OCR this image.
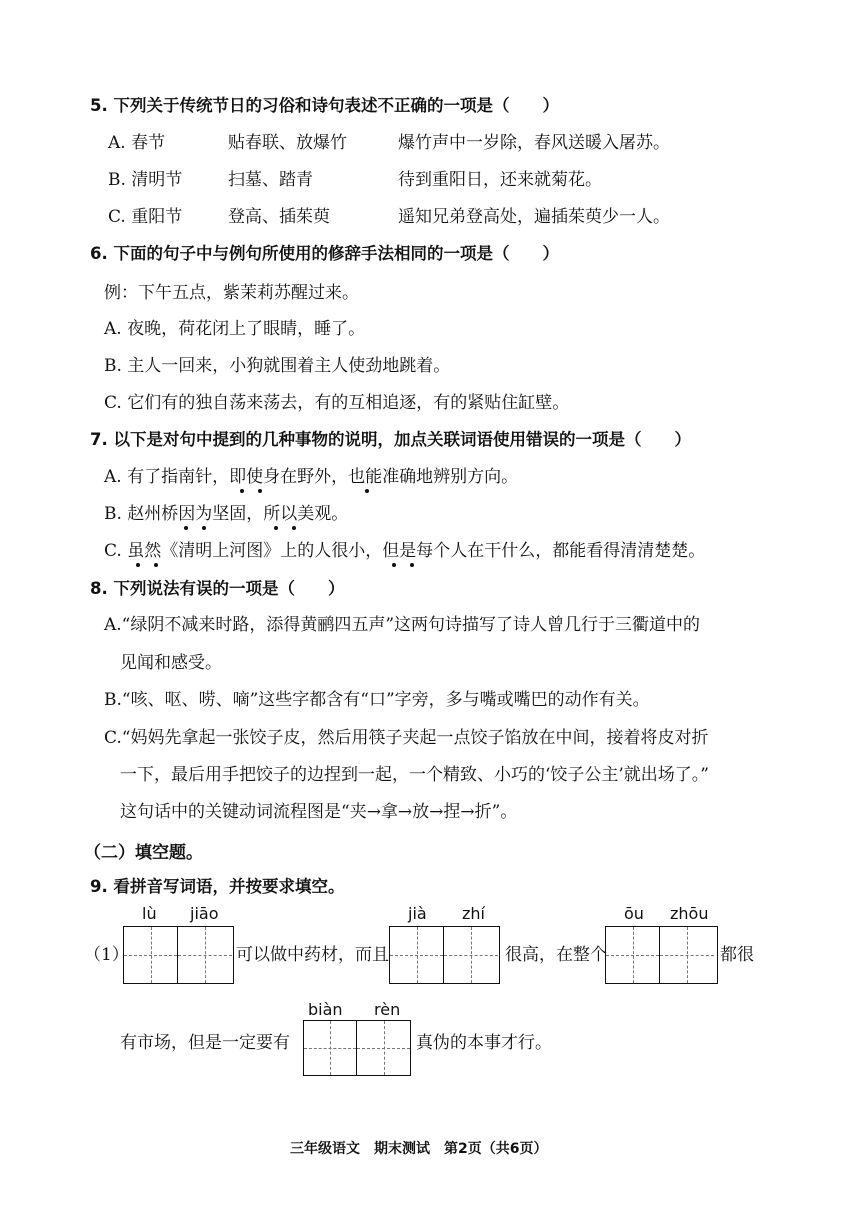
5. 下列关于传统节日的习俗和诗句表述不正确的一项是（　　）
A. 春节	贴春联、放爆竹	爆竹声中一岁除，春风送暖入屠苏。
B. 清明节	扫墓、踏青	待到重阳日，还来就菊花。
C. 重阳节	登高、插茱萸	遥知兄弟登高处，遍插茱萸少一人。
6. 下面的句子中与例句所使用的修辞手法相同的一项是（　　）
例：下午五点，紫茉莉苏醒过来。
A. 夜晚，荷花闭上了眼睛，睡了。
B. 主人一回来，小狗就围着主人使劲地跳着。
C. 它们有的独自荡来荡去，有的互相追逐，有的紧贴住缸壁。
7. 以下是对句中提到的几种事物的说明，加点关联词语使用错误的一项是（　　）
A. 有了指南针，即使身在野外，也能准确地辨别方向。
B. 赵州桥因为坚固，所以美观。
C. 虽然《清明上河图》上的人很小，但是每个人在干什么，都能看得清清楚楚。
8. 下列说法有误的一项是（　　）
A.“绿阴不减来时路，添得黄鹂四五声”这两句诗描写了诗人曾几行于三衢道中的
见闻和感受。
B.“咳、呕、唠、嘀”这些字都含有“口”字旁，多与嘴或嘴巴的动作有关。
C.“妈妈先拿起一张饺子皮，然后用筷子夹起一点饺子馅放在中间，接着将皮对折
一下，最后用手把饺子的边捏到一起，一个精致、小巧的‘饺子公主’就出场了。”
这句话中的关键动词流程图是“夹→拿→放→捏→折”。
（二）填空题。
9. 看拼音写词语，并按要求填空。
lù jiāo	jià zhí	ōu zhōu
（1）	可以做中药材，而且	很高，在整个	都很
biàn rèn
有市场，但是一定要有	真伪的本事才行。
三年级语文　期末测试　第2页（共6页）
